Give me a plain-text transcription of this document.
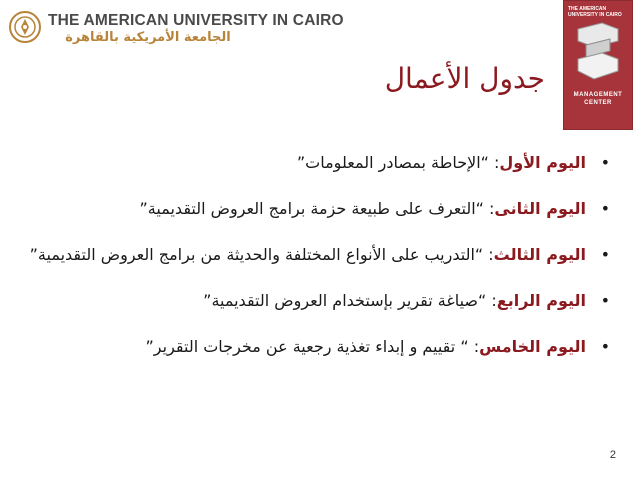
THE AMERICAN UNIVERSITY IN CAIRO
الجامعة الأمريكية بالقاهرة
THE AMERICAN UNIVERSITY IN CAIRO
MANAGEMENT
CENTER
جدول الأعمال
•
اليوم الأول: “الإحاطة بمصادر المعلومات”
•
اليوم الثانى: “التعرف على طبيعة حزمة برامج العروض التقديمية”
•
اليوم الثالث: “التدريب على الأنواع المختلفة والحديثة من برامج العروض التقديمية”
•
اليوم الرابع: “صياغة تقرير بإستخدام العروض التقديمية”
•
اليوم الخامس: “ تقييم و إبداء تغذية رجعية عن مخرجات التقرير”
2
